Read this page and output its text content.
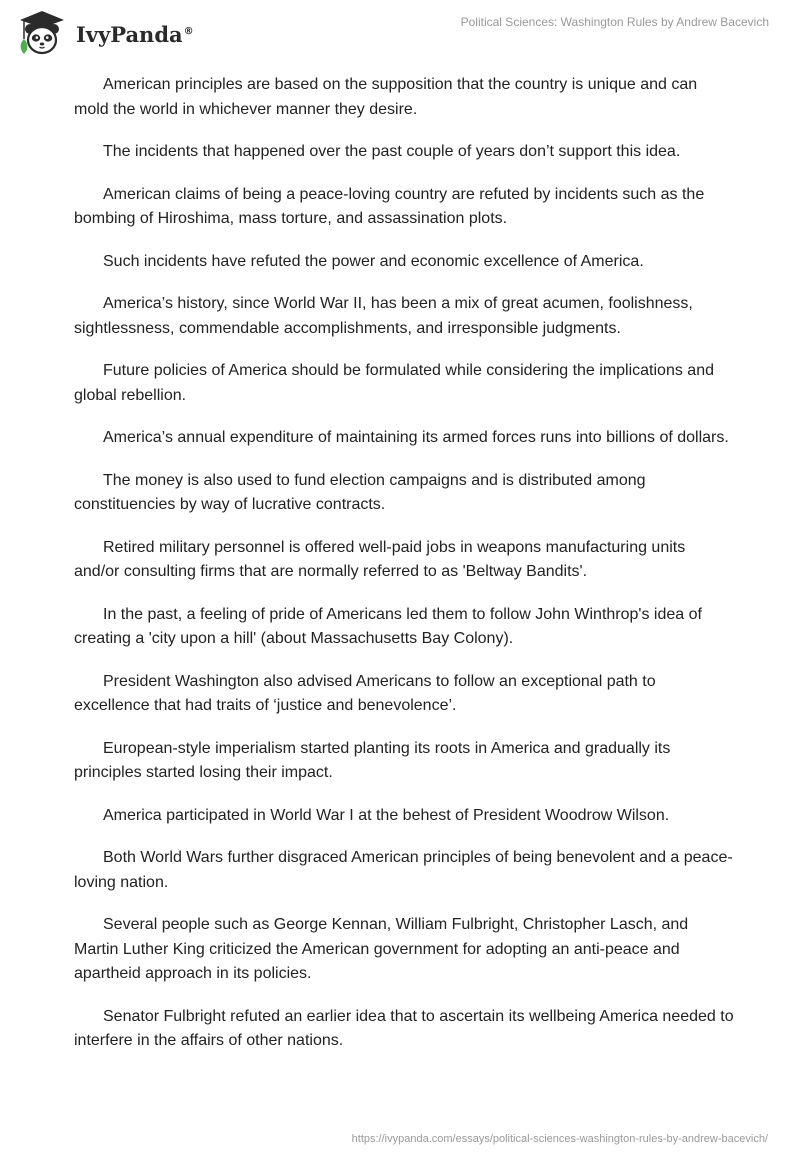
IvyPanda®
Political Sciences: Washington Rules by Andrew Bacevich

American principles are based on the supposition that the country is unique and can mold the world in whichever manner they desire.

The incidents that happened over the past couple of years don’t support this idea.

American claims of being a peace-loving country are refuted by incidents such as the bombing of Hiroshima, mass torture, and assassination plots.

Such incidents have refuted the power and economic excellence of America.

America’s history, since World War II, has been a mix of great acumen, foolishness, sightlessness, commendable accomplishments, and irresponsible judgments.

Future policies of America should be formulated while considering the implications and global rebellion.

America’s annual expenditure of maintaining its armed forces runs into billions of dollars.

The money is also used to fund election campaigns and is distributed among constituencies by way of lucrative contracts.

Retired military personnel is offered well-paid jobs in weapons manufacturing units and/or consulting firms that are normally referred to as 'Beltway Bandits'.

In the past, a feeling of pride of Americans led them to follow John Winthrop's idea of creating a 'city upon a hill' (about Massachusetts Bay Colony).

President Washington also advised Americans to follow an exceptional path to excellence that had traits of ‘justice and benevolence’.

European-style imperialism started planting its roots in America and gradually its principles started losing their impact.

America participated in World War I at the behest of President Woodrow Wilson.

Both World Wars further disgraced American principles of being benevolent and a peace-loving nation.

Several people such as George Kennan, William Fulbright, Christopher Lasch, and Martin Luther King criticized the American government for adopting an anti-peace and apartheid approach in its policies.

Senator Fulbright refuted an earlier idea that to ascertain its wellbeing America needed to interfere in the affairs of other nations.

https://ivypanda.com/essays/political-sciences-washington-rules-by-andrew-bacevich/
